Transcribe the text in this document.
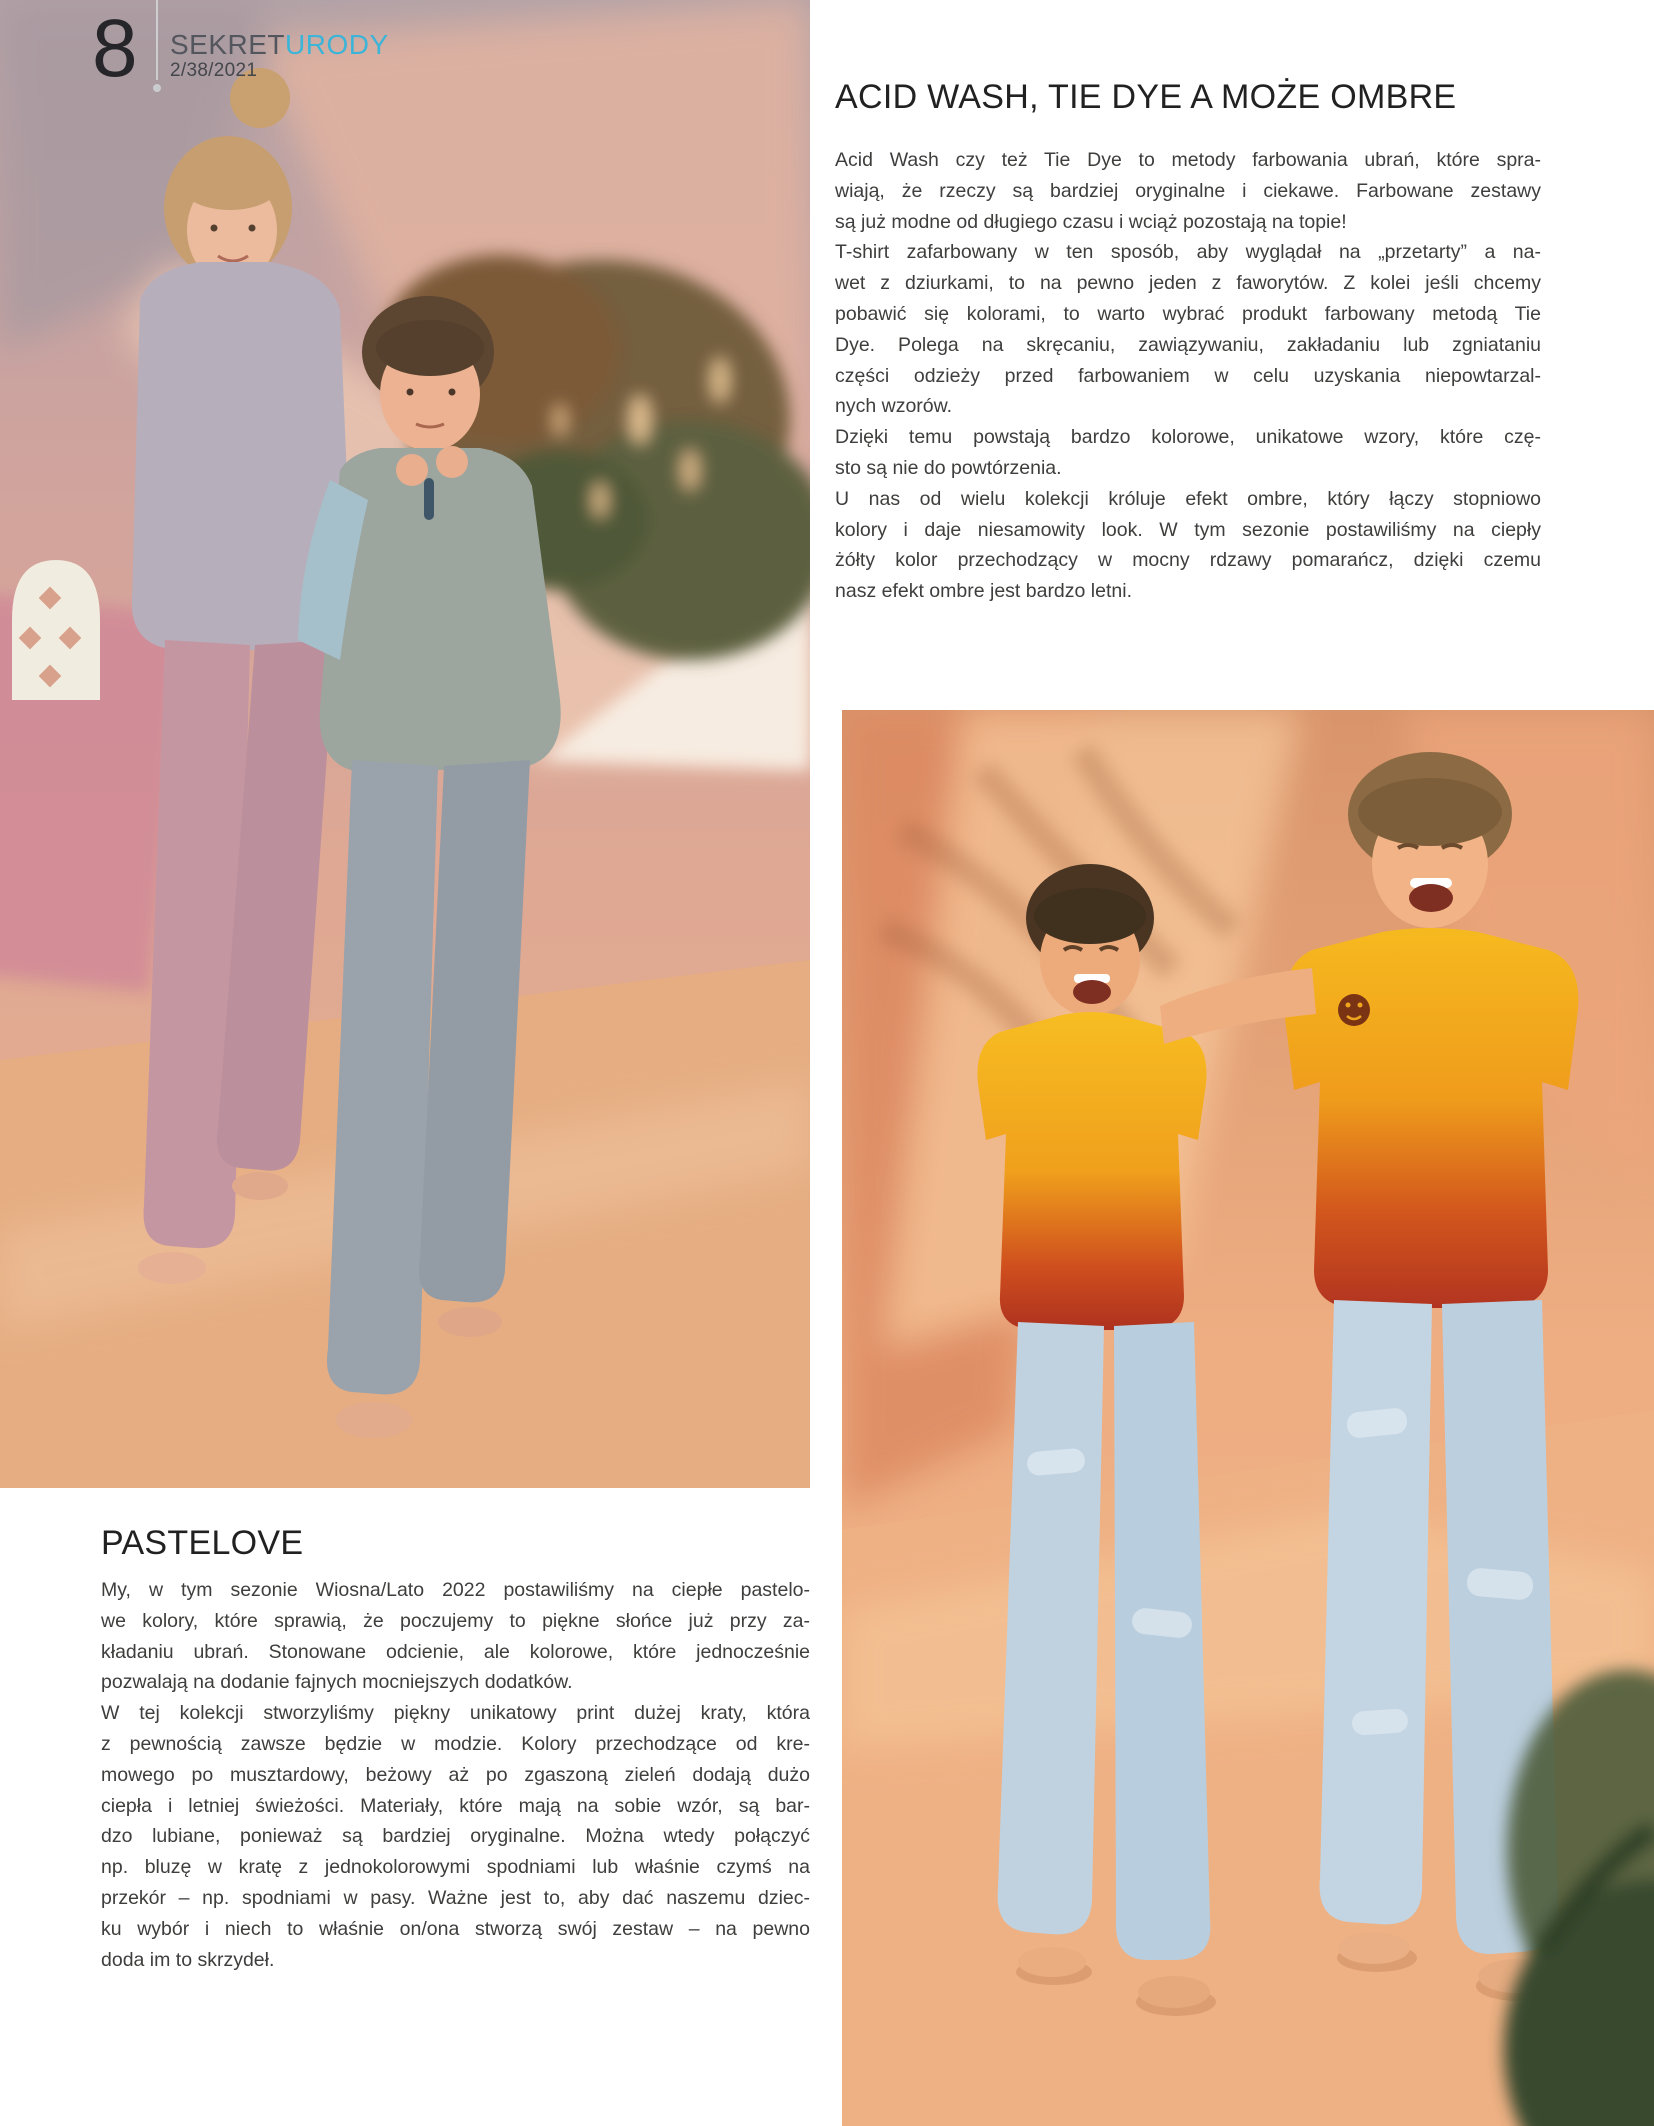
8 SEKRETURODY
2/38/2021
ACID WASH, TIE DYE A MOŻE OMBRE
Acid Wash czy też Tie Dye to metody farbowania ubrań, które spra-
wiają, że rzeczy są bardziej oryginalne i ciekawe. Farbowane zestawy
są już modne od długiego czasu i wciąż pozostają na topie!
T-shirt zafarbowany w ten sposób, aby wyglądał na „przetarty” a na-
wet z dziurkami, to na pewno jeden z faworytów. Z kolei jeśli chcemy
pobawić się kolorami, to warto wybrać produkt farbowany metodą Tie
Dye. Polega na skręcaniu, zawiązywaniu, zakładaniu lub zgniataniu
części odzieży przed farbowaniem w celu uzyskania niepowtarzal-
nych wzorów.
Dzięki temu powstają bardzo kolorowe, unikatowe wzory, które czę-
sto są nie do powtórzenia.
U nas od wielu kolekcji króluje efekt ombre, który łączy stopniowo
kolory i daje niesamowity look. W tym sezonie postawiliśmy na ciepły
żółty kolor przechodzący w mocny rdzawy pomarańcz, dzięki czemu
nasz efekt ombre jest bardzo letni.
PASTELOVE
My, w tym sezonie Wiosna/Lato 2022 postawiliśmy na ciepłe pastelo-
we kolory, które sprawią, że poczujemy to piękne słońce już przy za-
kładaniu ubrań. Stonowane odcienie, ale kolorowe, które jednocześnie
pozwalają na dodanie fajnych mocniejszych dodatków.
W tej kolekcji stworzyliśmy piękny unikatowy print dużej kraty, która
z pewnością zawsze będzie w modzie. Kolory przechodzące od kre-
mowego po musztardowy, beżowy aż po zgaszoną zieleń dodają dużo
ciepła i letniej świeżości. Materiały, które mają na sobie wzór, są bar-
dzo lubiane, ponieważ są bardziej oryginalne. Można wtedy połączyć
np. bluzę w kratę z jednokolorowymi spodniami lub właśnie czymś na
przekór – np. spodniami w pasy. Ważne jest to, aby dać naszemu dziec-
ku wybór i niech to właśnie on/ona stworzą swój zestaw – na pewno
doda im to skrzydeł.
